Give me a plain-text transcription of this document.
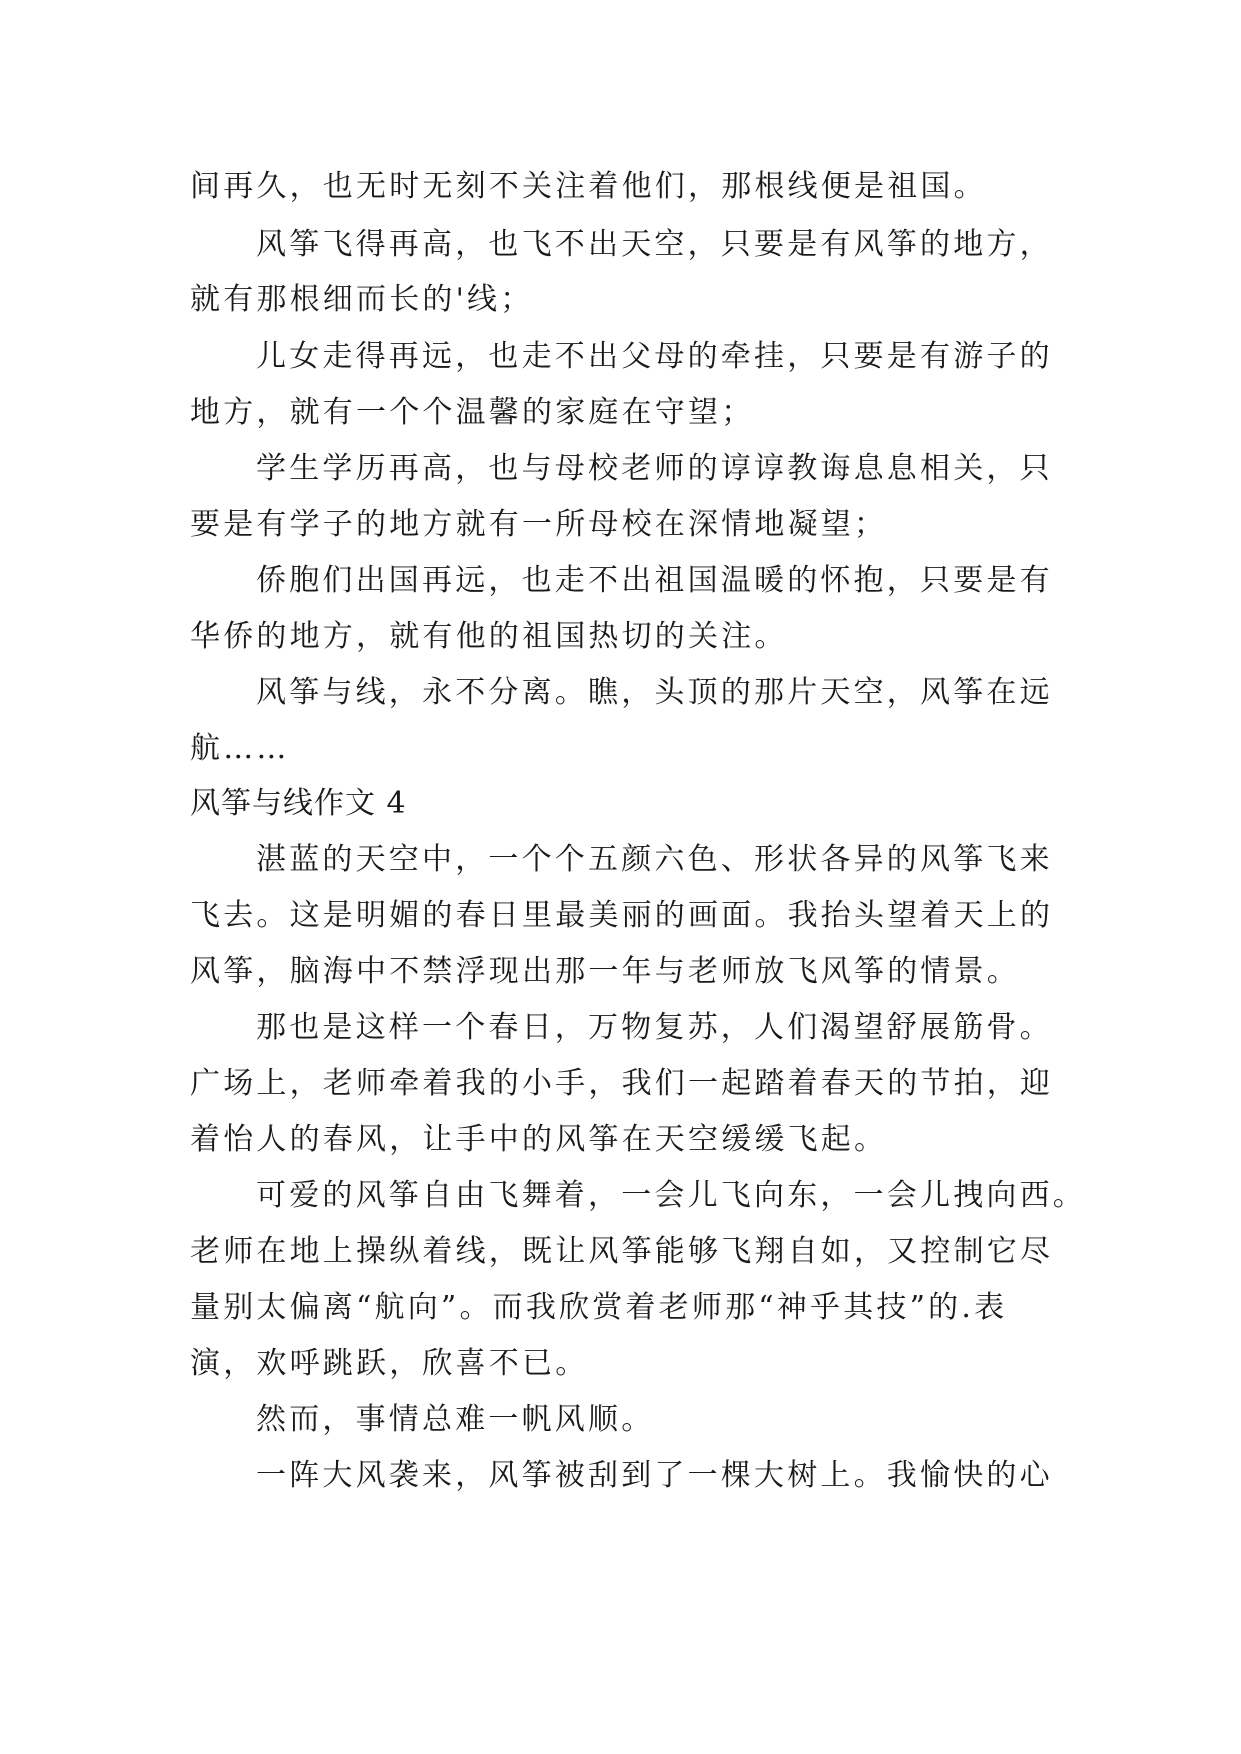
间再久，也无时无刻不关注着他们，那根线便是祖国。
风筝飞得再高，也飞不出天空，只要是有风筝的地方，
就有那根细而长的'线；
儿女走得再远，也走不出父母的牵挂，只要是有游子的
地方，就有一个个温馨的家庭在守望；
学生学历再高，也与母校老师的谆谆教诲息息相关，只
要是有学子的地方就有一所母校在深情地凝望；
侨胞们出国再远，也走不出祖国温暖的怀抱，只要是有
华侨的地方，就有他的祖国热切的关注。
风筝与线，永不分离。瞧，头顶的那片天空，风筝在远
航……
风筝与线作文 4
湛蓝的天空中，一个个五颜六色、形状各异的风筝飞来
飞去。这是明媚的春日里最美丽的画面。我抬头望着天上的
风筝，脑海中不禁浮现出那一年与老师放飞风筝的情景。
那也是这样一个春日，万物复苏，人们渴望舒展筋骨。
广场上，老师牵着我的小手，我们一起踏着春天的节拍，迎
着怡人的春风，让手中的风筝在天空缓缓飞起。
可爱的风筝自由飞舞着，一会儿飞向东，一会儿拽向西。
老师在地上操纵着线，既让风筝能够飞翔自如，又控制它尽
量别太偏离“航向”。而我欣赏着老师那“神乎其技”的.表
演，欢呼跳跃，欣喜不已。
然而，事情总难一帆风顺。
一阵大风袭来，风筝被刮到了一棵大树上。我愉快的心
